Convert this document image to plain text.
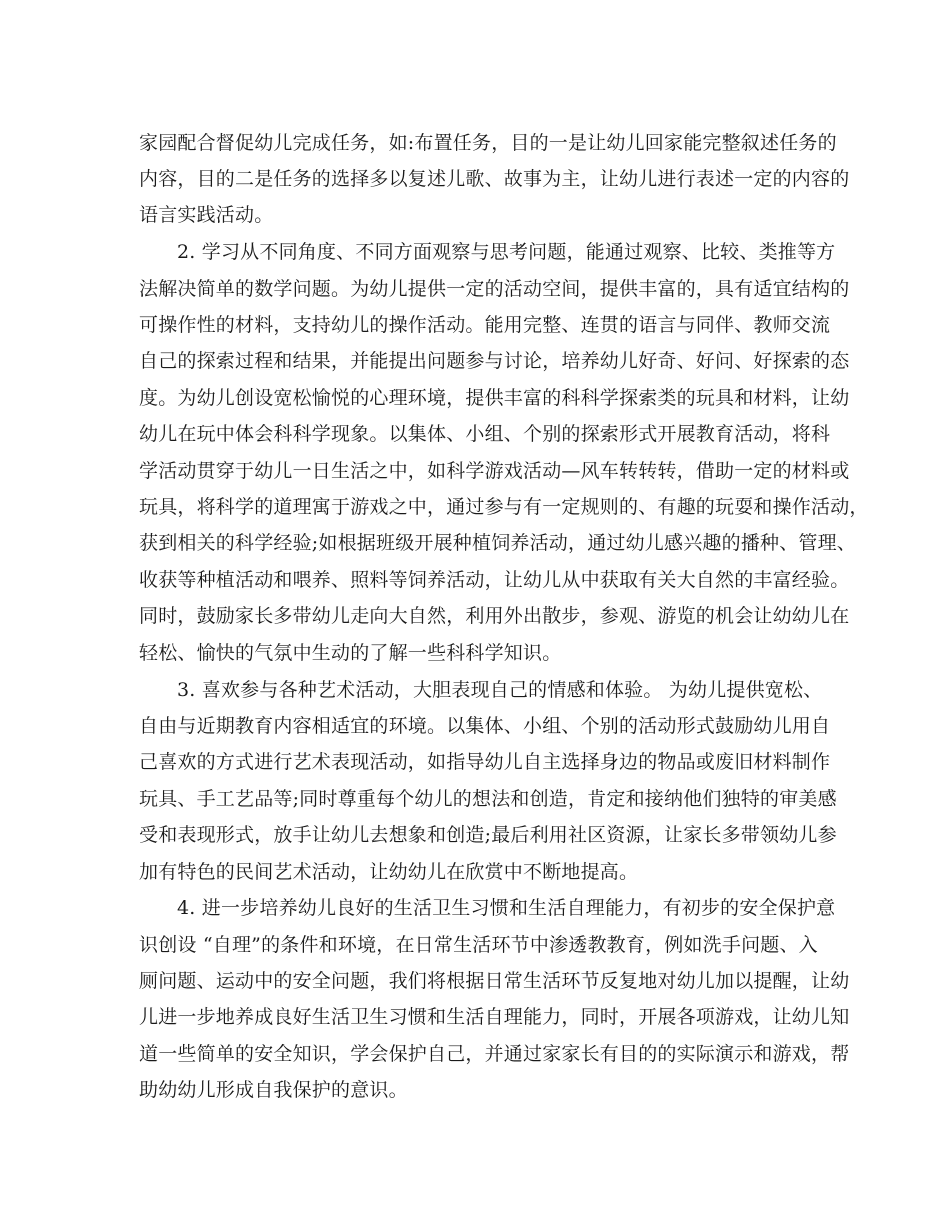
家园配合督促幼儿完成任务，如:布置任务，目的一是让幼儿回家能完整叙述任务的
内容，目的二是任务的选择多以复述儿歌、故事为主，让幼儿进行表述一定的内容的
语言实践活动。
2. 学习从不同角度、不同方面观察与思考问题，能通过观察、比较、类推等方
法解决简单的数学问题。为幼儿提供一定的活动空间，提供丰富的，具有适宜结构的
可操作性的材料，支持幼儿的操作活动。能用完整、连贯的语言与同伴、教师交流
自己的探索过程和结果，并能提出问题参与讨论，培养幼儿好奇、好问、好探索的态
度。为幼儿创设宽松愉悦的心理环境，提供丰富的科科学探索类的玩具和材料，让幼
幼儿在玩中体会科科学现象。以集体、小组、个别的探索形式开展教育活动，将科
学活动贯穿于幼儿一日生活之中，如科学游戏活动—风车转转转，借助一定的材料或
玩具，将科学的道理寓于游戏之中，通过参与有一定规则的、有趣的玩耍和操作活动，
获到相关的科学经验;如根据班级开展种植饲养活动，通过幼儿感兴趣的播种、管理、
收获等种植活动和喂养、照料等饲养活动，让幼儿从中获取有关大自然的丰富经验。
同时，鼓励家长多带幼儿走向大自然，利用外出散步，参观、游览的机会让幼幼儿在
轻松、愉快的气氛中生动的了解一些科科学知识。
3. 喜欢参与各种艺术活动，大胆表现自己的情感和体验。 为幼儿提供宽松、
自由与近期教育内容相适宜的环境。以集体、小组、个别的活动形式鼓励幼儿用自
己喜欢的方式进行艺术表现活动，如指导幼儿自主选择身边的物品或废旧材料制作
玩具、手工艺品等;同时尊重每个幼儿的想法和创造，肯定和接纳他们独特的审美感
受和表现形式，放手让幼儿去想象和创造;最后利用社区资源，让家长多带领幼儿参
加有特色的民间艺术活动，让幼幼儿在欣赏中不断地提高。
4. 进一步培养幼儿良好的生活卫生习惯和生活自理能力，有初步的安全保护意
识创设 “自理”的条件和环境，在日常生活环节中渗透教教育，例如洗手问题、入
厕问题、运动中的安全问题，我们将根据日常生活环节反复地对幼儿加以提醒，让幼
儿进一步地养成良好生活卫生习惯和生活自理能力，同时，开展各项游戏，让幼儿知
道一些简单的安全知识，学会保护自己，并通过家家长有目的的实际演示和游戏，帮
助幼幼儿形成自我保护的意识。
